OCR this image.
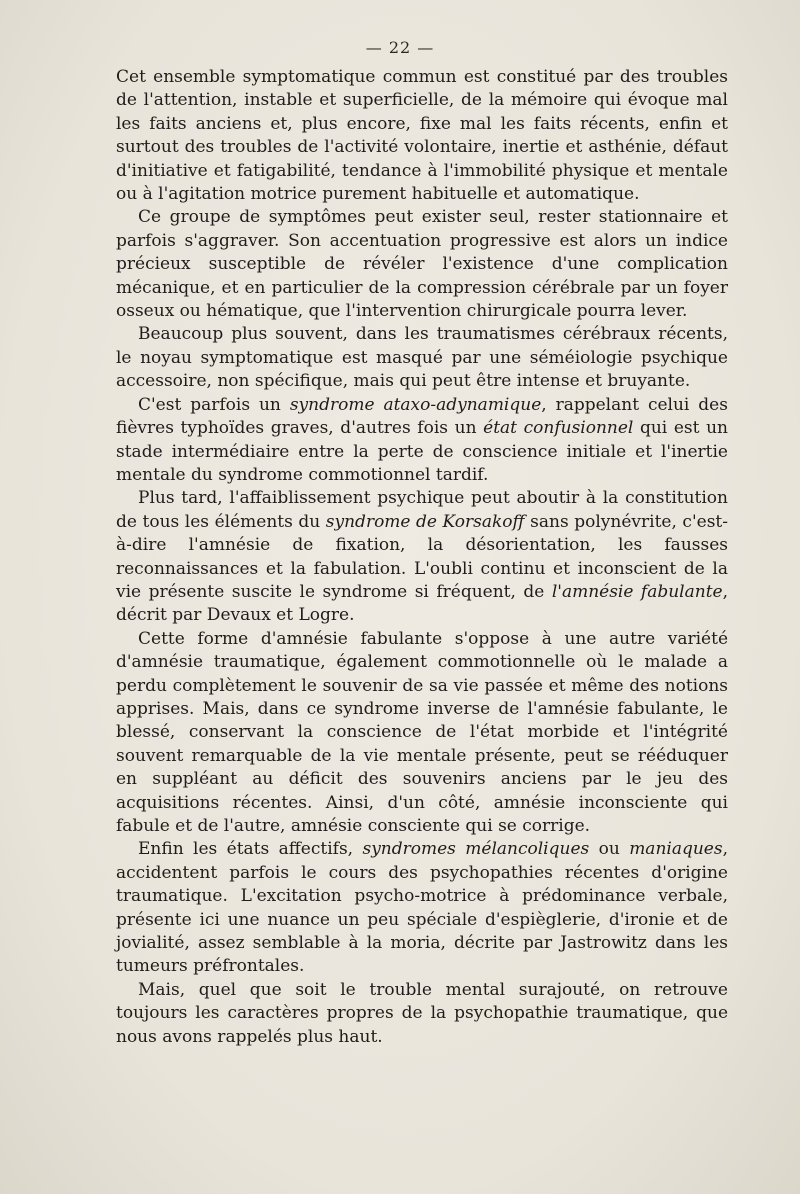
— 22 —

Cet ensemble symptomatique commun est constitué par des troubles de l'attention, instable et superficielle, de la mémoire qui évoque mal les faits anciens et, plus encore, fixe mal les faits récents, enfin et surtout des troubles de l'activité volontaire, inertie et asthénie, défaut d'initiative et fatigabilité, tendance à l'immobilité physique et mentale ou à l'agitation motrice purement habituelle et automatique.

Ce groupe de symptômes peut exister seul, rester stationnaire et parfois s'aggraver. Son accentuation progressive est alors un indice précieux susceptible de révéler l'existence d'une complication mécanique, et en particulier de la compression cérébrale par un foyer osseux ou hématique, que l'intervention chirurgicale pourra lever.

Beaucoup plus souvent, dans les traumatismes cérébraux récents, le noyau symptomatique est masqué par une séméiologie psychique accessoire, non spécifique, mais qui peut être intense et bruyante.

C'est parfois un syndrome ataxo-adynamique, rappelant celui des fièvres typhoïdes graves, d'autres fois un état confusionnel qui est un stade intermédiaire entre la perte de conscience initiale et l'inertie mentale du syndrome commotionnel tardif.

Plus tard, l'affaiblissement psychique peut aboutir à la constitution de tous les éléments du syndrome de Korsakoff sans polynévrite, c'est-à-dire l'amnésie de fixation, la désorientation, les fausses reconnaissances et la fabulation. L'oubli continu et inconscient de la vie présente suscite le syndrome si fréquent, de l'amnésie fabulante, décrit par Devaux et Logre.

Cette forme d'amnésie fabulante s'oppose à une autre variété d'amnésie traumatique, également commotionnelle où le malade a perdu complètement le souvenir de sa vie passée et même des notions apprises. Mais, dans ce syndrome inverse de l'amnésie fabulante, le blessé, conservant la conscience de l'état morbide et l'intégrité souvent remarquable de la vie mentale présente, peut se rééduquer en suppléant au déficit des souvenirs anciens par le jeu des acquisitions récentes. Ainsi, d'un côté, amnésie inconsciente qui fabule et de l'autre, amnésie consciente qui se corrige.

Enfin les états affectifs, syndromes mélancoliques ou maniaques, accidentent parfois le cours des psychopathies récentes d'origine traumatique. L'excitation psycho-motrice à prédominance verbale, présente ici une nuance un peu spéciale d'espièglerie, d'ironie et de jovialité, assez semblable à la moria, décrite par Jastrowitz dans les tumeurs préfrontales.

Mais, quel que soit le trouble mental surajouté, on retrouve toujours les caractères propres de la psychopathie traumatique, que nous avons rappelés plus haut.
